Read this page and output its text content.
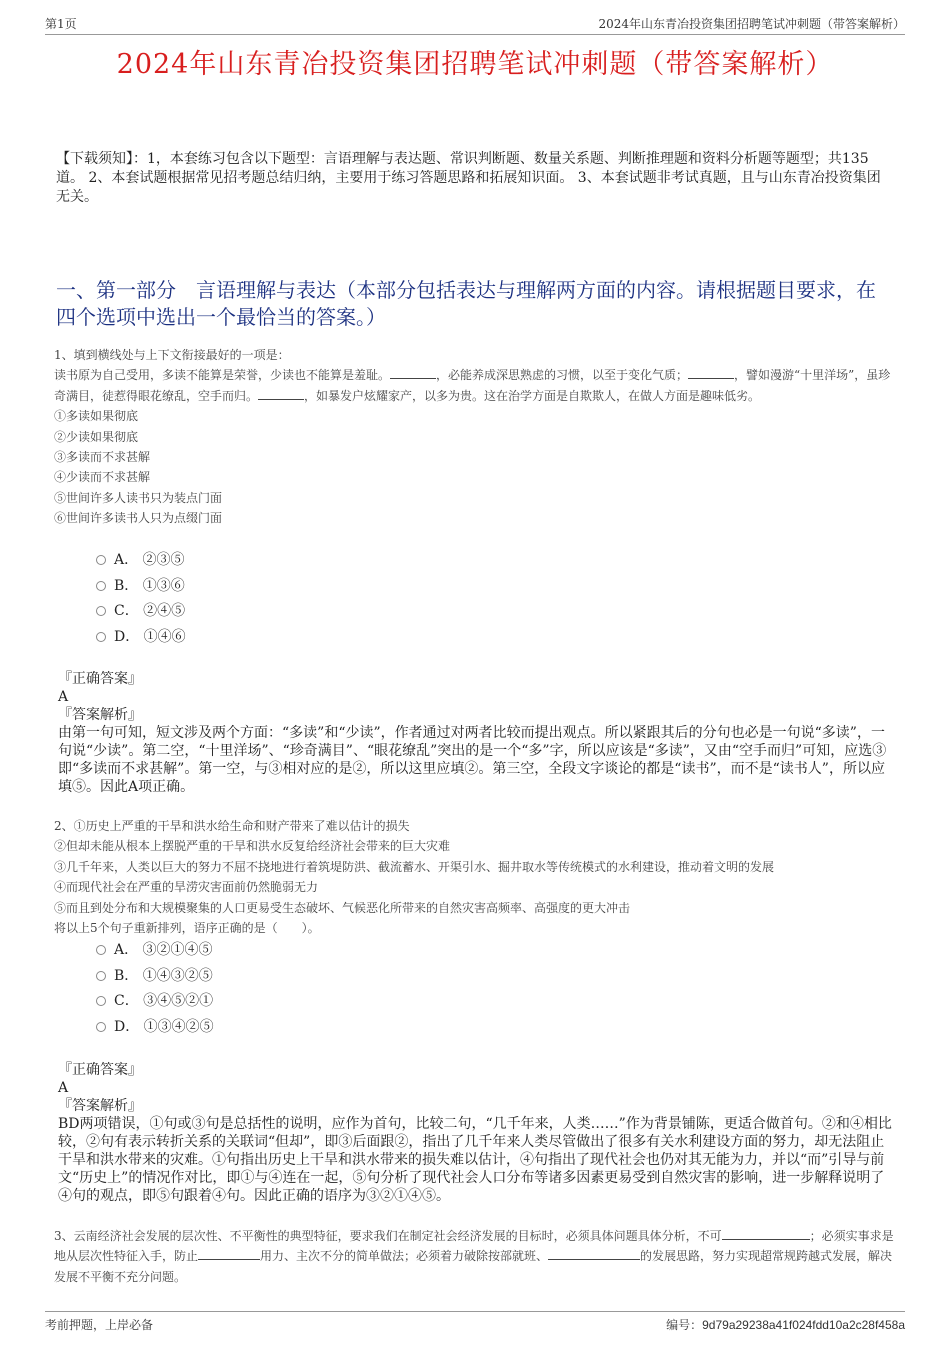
第1页	2024年山东青冶投资集团招聘笔试冲刺题（带答案解析）
2024年山东青冶投资集团招聘笔试冲刺题（带答案解析）
【下载须知】：1，本套练习包含以下题型：言语理解与表达题、常识判断题、数量关系题、判断推理题和资料分析题等题型；共135道。 2、本套试题根据常见招考题总结归纳，主要用于练习答题思路和拓展知识面。 3、本套试题非考试真题，且与山东青冶投资集团无关。
一、第一部分　言语理解与表达（本部分包括表达与理解两方面的内容。请根据题目要求，在四个选项中选出一个最恰当的答案。）

1、填到横线处与上下文衔接最好的一项是：

读书原为自己受用，多读不能算是荣誉，少读也不能算是羞耻。	，必能养成深思熟虑的习惯，以至于变化气质；	，譬如漫游“十里洋场”，虽珍奇满目，徒惹得眼花缭乱，空手而归。	，如暴发户炫耀家产，以多为贵。这在治学方面是自欺欺人，在做人方面是趣味低劣。

①多读如果彻底

②少读如果彻底

③多读而不求甚解

④少读而不求甚解

⑤世间许多人读书只为装点门面

⑥世间许多读书人只为点缀门面

A． ②③⑤
B． ①③⑥
C． ②④⑤
D． ①④⑥

『正确答案』

A

『答案解析』

由第一句可知，短文涉及两个方面：“多读”和“少读”，作者通过对两者比较而提出观点。所以紧跟其后的分句也必是一句说“多读”，一句说“少读”。第二空，“十里洋场”、“珍奇满目”、“眼花缭乱”突出的是一个“多”字，所以应该是“多读”，又由“空手而归”可知，应选③即“多读而不求甚解”。第一空，与③相对应的是②，所以这里应填②。第三空，全段文字谈论的都是“读书”，而不是“读书人”，所以应填⑤。因此A项正确。

2、①历史上严重的干旱和洪水给生命和财产带来了难以估计的损失

②但却未能从根本上摆脱严重的干旱和洪水反复给经济社会带来的巨大灾难

③几千年来，人类以巨大的努力不屈不挠地进行着筑堤防洪、截流蓄水、开渠引水、掘井取水等传统模式的水利建设，推动着文明的发展

④而现代社会在严重的旱涝灾害面前仍然脆弱无力

⑤而且到处分布和大规模聚集的人口更易受生态破坏、气候恶化所带来的自然灾害高频率、高强度的更大冲击

将以上5个句子重新排列，语序正确的是（　　）。

A． ③②①④⑤
B． ①④③②⑤
C． ③④⑤②①
D． ①③④②⑤

『正确答案』

A

『答案解析』

BD两项错误，①句或③句是总括性的说明，应作为首句，比较二句，“几千年来，人类……”作为背景铺陈，更适合做首句。②和④相比较，②句有表示转折关系的关联词“但却”，即③后面跟②，指出了几千年来人类尽管做出了很多有关水利建设方面的努力，却无法阻止干旱和洪水带来的灾难。①句指出历史上干旱和洪水带来的损失难以估计，④句指出了现代社会也仍对其无能为力，并以“而”引导与前文“历史上”的情况作对比，即①与④连在一起，⑤句分析了现代社会人口分布等诸多因素更易受到自然灾害的影响，进一步解释说明了④句的观点，即⑤句跟着④句。因此正确的语序为③②①④⑤。

3、云南经济社会发展的层次性、不平衡性的典型特征，要求我们在制定社会经济发展的目标时，必须具体问题具体分析，不可	；必须实事求是地从层次性特征入手，防止	用力、主次不分的简单做法；必须着力破除按部就班、	的发展思路，努力实现超常规跨越式发展，解决发展不平衡不充分问题。

考前押题，上岸必备	编号：9d79a29238a41f024fdd10a2c28f458a
